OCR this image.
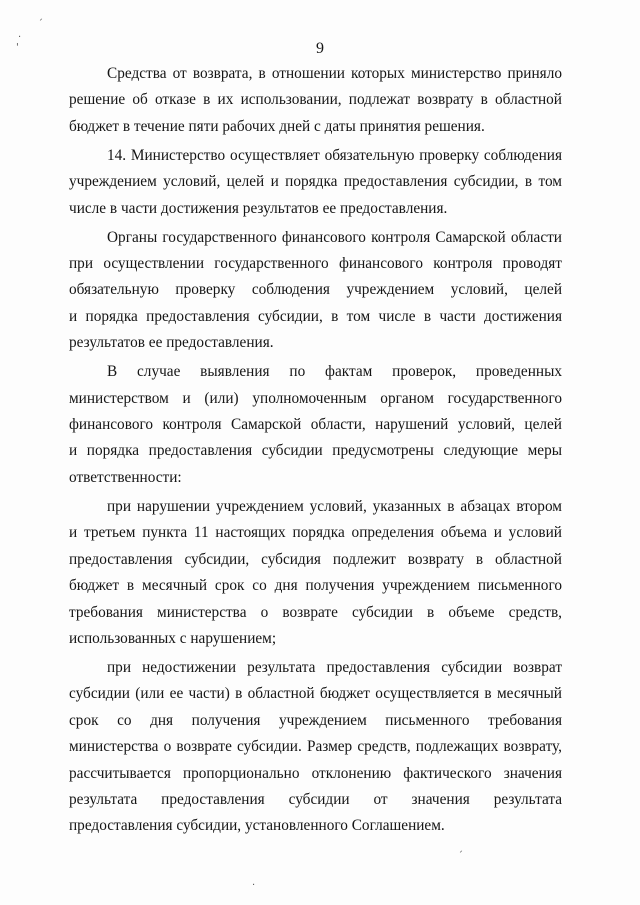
ˏ
·
'	9
Средства от возврата, в отношении которых министерство приняло
решение об отказе в их использовании, подлежат возврату в областной
бюджет в течение пяти рабочих дней с даты принятия решения.
14. Министерство осуществляет обязательную проверку соблюдения
учреждением условий, целей и порядка предоставления субсидии, в том
числе в части достижения результатов ее предоставления.
Органы государственного финансового контроля Самарской области
при осуществлении государственного финансового контроля проводят
обязательную проверку соблюдения учреждением условий, целей
и порядка предоставления субсидии, в том числе в части достижения
результатов ее предоставления.
В случае выявления по фактам проверок, проведенных
министерством и (или) уполномоченным органом государственного
финансового контроля Самарской области, нарушений условий, целей
и порядка предоставления субсидии предусмотрены следующие меры
ответственности:
при нарушении учреждением условий, указанных в абзацах втором
и третьем пункта 11 настоящих порядка определения объема и условий
предоставления субсидии, субсидия подлежит возврату в областной
бюджет в месячный срок со дня получения учреждением письменного
требования министерства о возврате субсидии в объеме средств,
использованных с нарушением;
при недостижении результата предоставления субсидии возврат
субсидии (или ее части) в областной бюджет осуществляется в месячный
срок со дня получения учреждением письменного требования
министерства о возврате субсидии. Размер средств, подлежащих возврату,
рассчитывается пропорционально отклонению фактического значения
результата предоставления субсидии от значения результата
предоставления субсидии, установленного Соглашением.
ˏ
·
